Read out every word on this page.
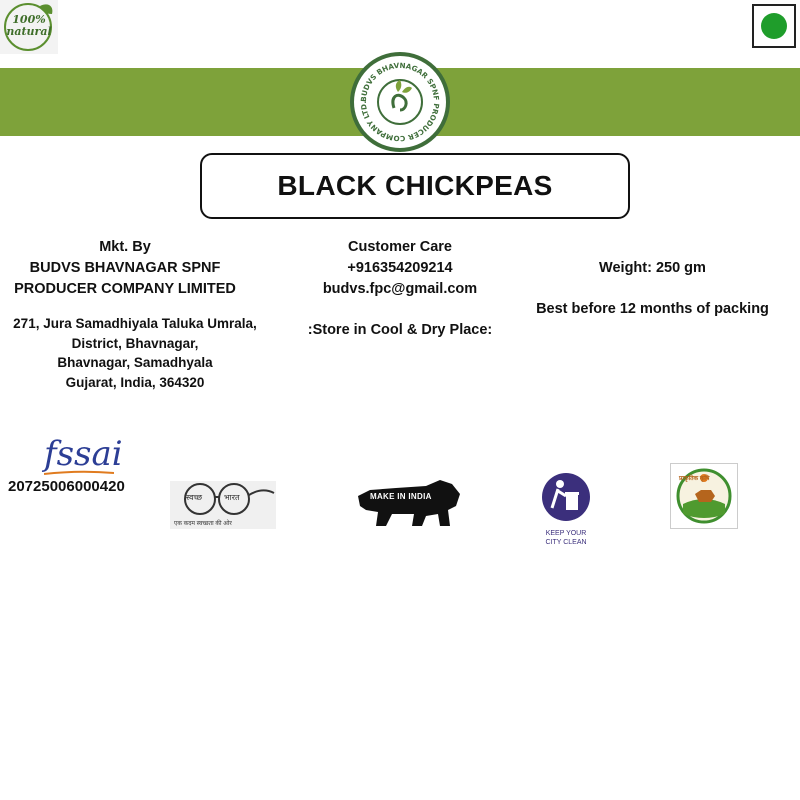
100% natural
BUDVS BHAVNAGAR SPNF PRODUCER COMPANY LTD.
BLACK CHICKPEAS
Mkt. By
BUDVS BHAVNAGAR SPNF
PRODUCER COMPANY LIMITED
271, Jura Samadhiyala Taluka Umrala,
District, Bhavnagar,
Bhavnagar, Samadhyala
Gujarat, India, 364320
Customer Care
+916354209214
budvs.fpc@gmail.com
:Store in Cool & Dry Place:
Weight: 250 gm
Best before 12 months of packing
fssai
20725006000420
स्वच्छ	भारत
एक कदम स्वच्छता की ओर
MAKE IN INDIA
KEEP YOUR
CITY CLEAN
प्राकृतिक कृषि
